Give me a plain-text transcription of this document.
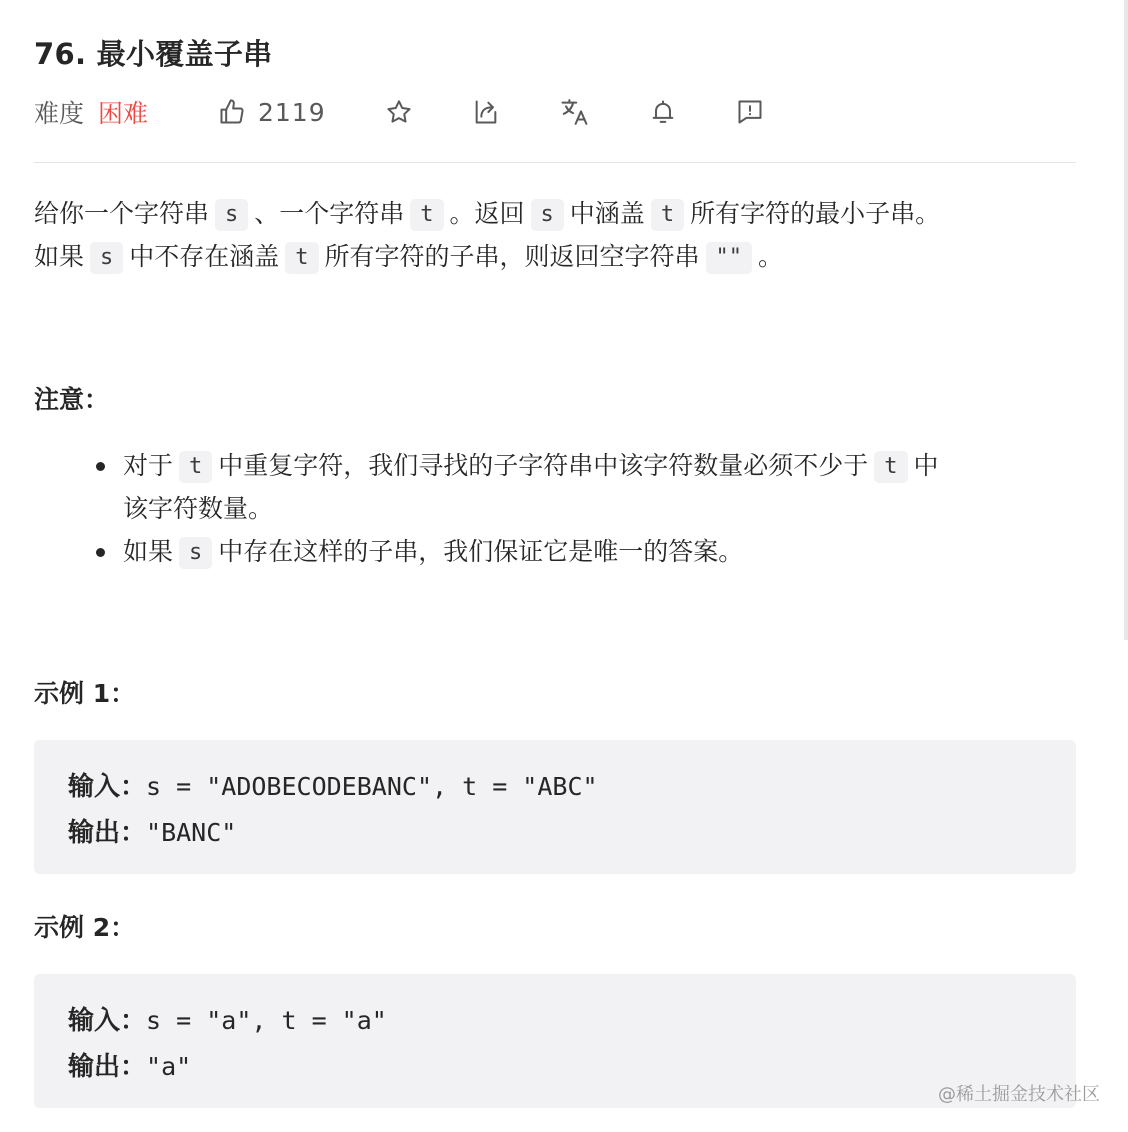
76. 最小覆盖子串
难度 困难	2119
给你一个字符串 s 、一个字符串 t 。返回 s 中涵盖 t 所有字符的最小子串。
如果 s 中不存在涵盖 t 所有字符的子串，则返回空字符串 "" 。
注意：
对于 t 中重复字符，我们寻找的子字符串中该字符数量必须不少于 t 中
该字符数量。
如果 s 中存在这样的子串，我们保证它是唯一的答案。
示例 1：
输入：s = "ADOBECODEBANC", t = "ABC"
输出："BANC"
示例 2：
输入：s = "a", t = "a"
输出："a"
@稀土掘金技术社区
